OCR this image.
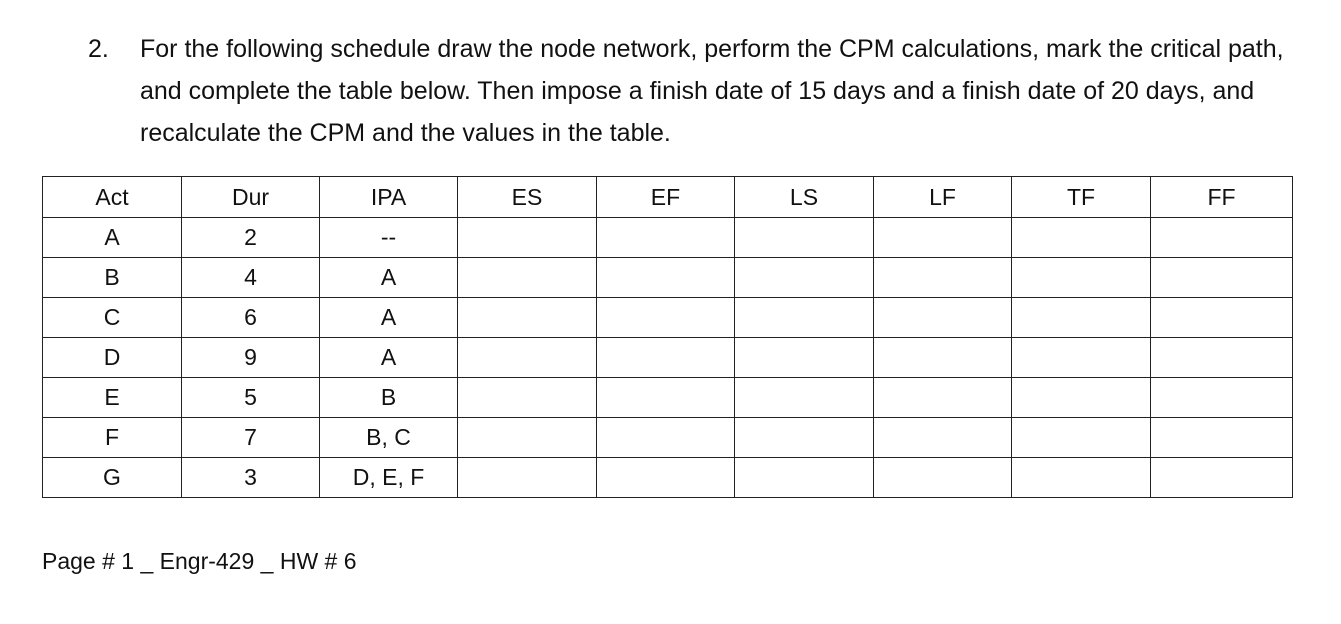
2. For the following schedule draw the node network, perform the CPM calculations, mark the critical path, and complete the table below. Then impose a finish date of 15 days and a finish date of 20 days, and recalculate the CPM and the values in the table.
Act	Dur	IPA	ES	EF	LS	LF	TF	FF
A	2	--						
B	4	A						
C	6	A						
D	9	A						
E	5	B						
F	7	B, C						
G	3	D, E, F						
Page # 1 _ Engr-429 _ HW # 6
